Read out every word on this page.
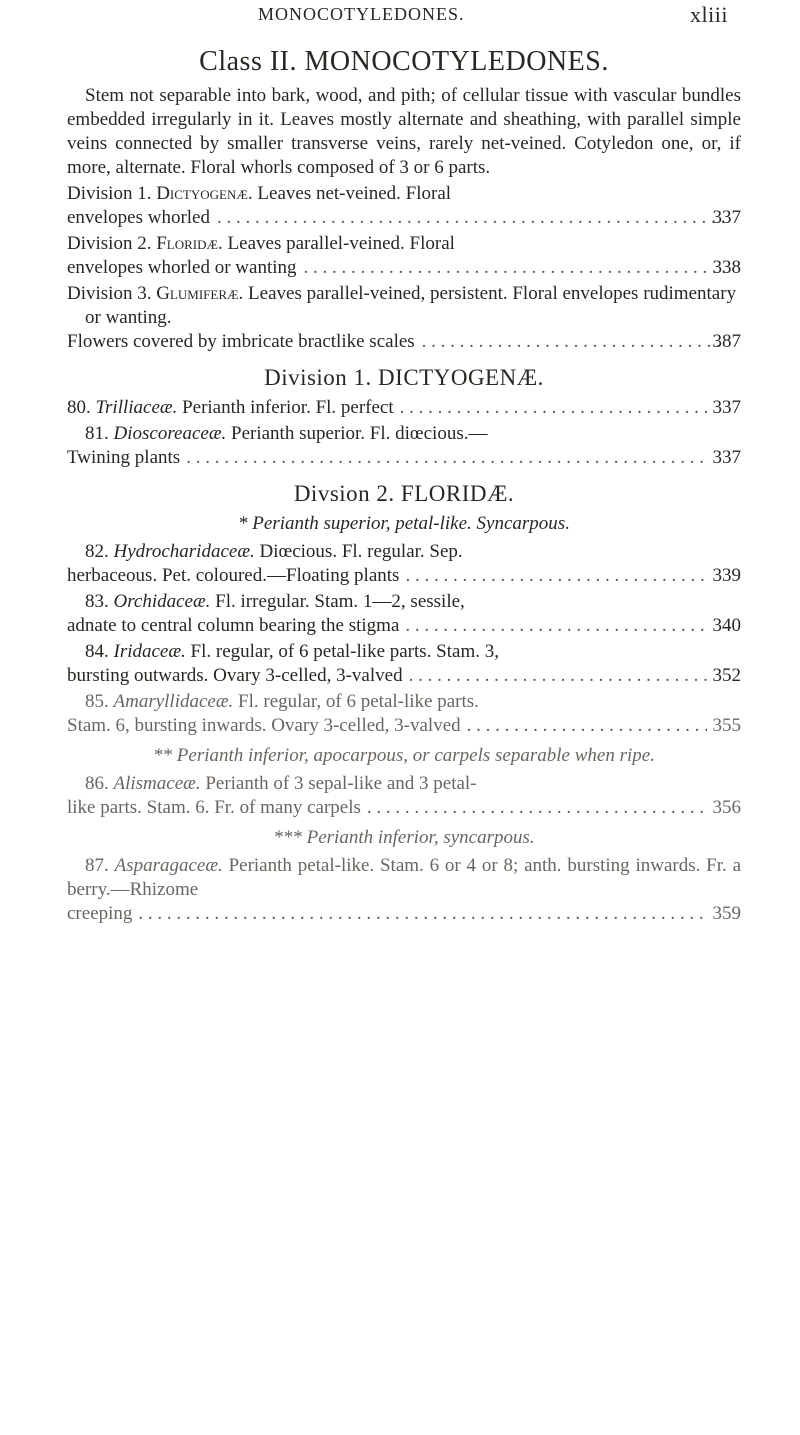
MONOCOTYLEDONES.	xliii
Class II. MONOCOTYLEDONES.

Stem not separable into bark, wood, and pith; of cellular tissue with vascular bundles embedded irregularly in it. Leaves mostly alternate and sheathing, with parallel simple veins connected by smaller transverse veins, rarely net-veined. Cotyledon one, or, if more, alternate. Floral whorls composed of 3 or 6 parts.

Division 1. Dictyogenæ. Leaves net-veined. Floral
envelopes whorled . . .	337
Division 2. Floridæ. Leaves parallel-veined. Floral
envelopes whorled or wanting . . .	338
Division 3. Glumiferæ. Leaves parallel-veined, persistent. Floral envelopes rudimentary or wanting.
Flowers covered by imbricate bractlike scales . . .	387
Division 1. DICTYOGENÆ.
80. Trilliaceæ. Perianth inferior. Fl. perfect . . .	337
81. Dioscoreaceæ. Perianth superior. Fl. diœcious.—
Twining plants . . .	337
Divsion 2. FLORIDÆ.
* Perianth superior, petal-like. Syncarpous.
82. Hydrocharidaceæ. Diœcious. Fl. regular. Sep.
herbaceous. Pet. coloured.—Floating plants . . .	339
83. Orchidaceæ. Fl. irregular. Stam. 1—2, sessile,
adnate to central column bearing the stigma . . .	340
84. Iridaceæ. Fl. regular, of 6 petal-like parts. Stam. 3,
bursting outwards. Ovary 3-celled, 3-valved . . .	352
85. Amaryllidaceæ. Fl. regular, of 6 petal-like parts.
Stam. 6, bursting inwards. Ovary 3-celled, 3-valved . . .	355
** Perianth inferior, apocarpous, or carpels separable when ripe.
86. Alismaceæ. Perianth of 3 sepal-like and 3 petal-
like parts. Stam. 6. Fr. of many carpels . . .	356
*** Perianth inferior, syncarpous.
87. Asparagaceæ. Perianth petal-like. Stam. 6 or 4 or 8; anth. bursting inwards. Fr. a berry.—Rhizome
creeping . . .	359
